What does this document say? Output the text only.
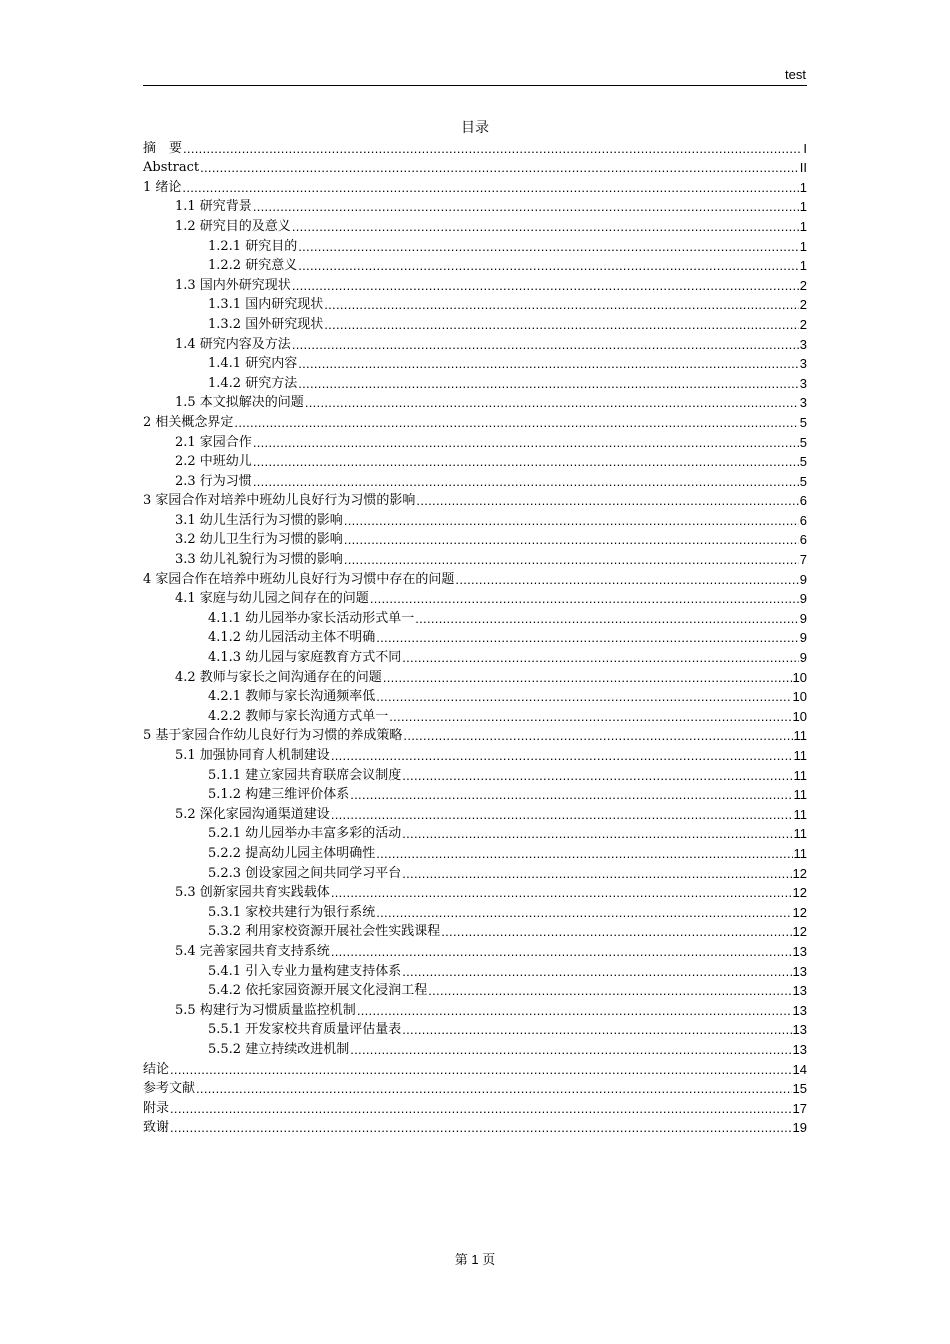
test
目录
摘　要 .....	I
Abstract .....	II
1 绪论 .....	1
1.1 研究背景 .....	1
1.2 研究目的及意义 .....	1
1.2.1 研究目的 .....	1
1.2.2 研究意义 .....	1
1.3 国内外研究现状 .....	2
1.3.1 国内研究现状 .....	2
1.3.2 国外研究现状 .....	2
1.4 研究内容及方法 .....	3
1.4.1 研究内容 .....	3
1.4.2 研究方法 .....	3
1.5 本文拟解决的问题 .....	3
2 相关概念界定 .....	5
2.1 家园合作 .....	5
2.2 中班幼儿 .....	5
2.3 行为习惯 .....	5
3 家园合作对培养中班幼儿良好行为习惯的影响 .....	6
3.1 幼儿生活行为习惯的影响 .....	6
3.2 幼儿卫生行为习惯的影响 .....	6
3.3 幼儿礼貌行为习惯的影响 .....	7
4 家园合作在培养中班幼儿良好行为习惯中存在的问题 .....	9
4.1 家庭与幼儿园之间存在的问题 .....	9
4.1.1 幼儿园举办家长活动形式单一 .....	9
4.1.2 幼儿园活动主体不明确 .....	9
4.1.3 幼儿园与家庭教育方式不同 .....	9
4.2 教师与家长之间沟通存在的问题 .....	10
4.2.1 教师与家长沟通频率低 .....	10
4.2.2 教师与家长沟通方式单一 .....	10
5 基于家园合作幼儿良好行为习惯的养成策略 .....	11
5.1 加强协同育人机制建设 .....	11
5.1.1 建立家园共育联席会议制度 .....	11
5.1.2 构建三维评价体系 .....	11
5.2 深化家园沟通渠道建设 .....	11
5.2.1 幼儿园举办丰富多彩的活动 .....	11
5.2.2 提高幼儿园主体明确性 .....	11
5.2.3 创设家园之间共同学习平台 .....	12
5.3 创新家园共育实践载体 .....	12
5.3.1 家校共建行为银行系统 .....	12
5.3.2 利用家校资源开展社会性实践课程 .....	12
5.4 完善家园共育支持系统 .....	13
5.4.1 引入专业力量构建支持体系 .....	13
5.4.2 依托家园资源开展文化浸润工程 .....	13
5.5 构建行为习惯质量监控机制 .....	13
5.5.1 开发家校共育质量评估量表 .....	13
5.5.2 建立持续改进机制 .....	13
结论 .....	14
参考文献 .....	15
附录 .....	17
致谢 .....	19
第 1 页
